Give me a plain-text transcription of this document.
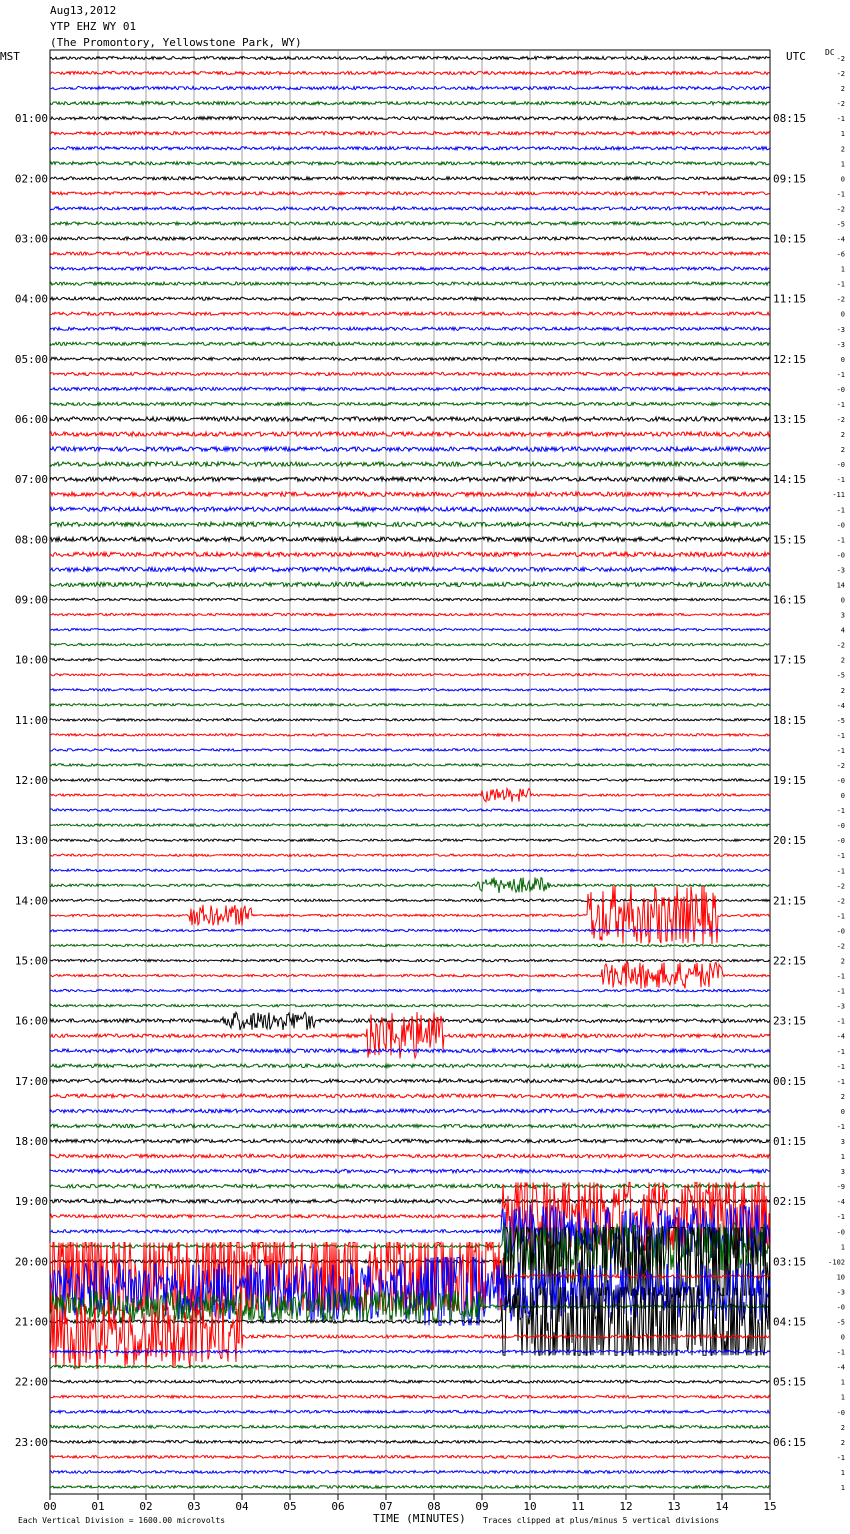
Aug13,2012
YTP EHZ WY 01
(The Promontory, Yellowstone Park, WY)
MST	UTC DC
00	01	02	03	04	05	06	07	08	09	10	11	12	13	14	15
01:00
02:00
03:00
04:00
05:00
06:00
07:00
08:00
09:00
10:00
11:00
12:00
13:00
14:00
15:00
16:00
17:00
18:00
19:00
20:00
21:00
22:00
23:00
08:15
09:15
10:15
11:15
12:15
13:15
14:15
15:15
16:15
17:15
18:15
19:15
20:15
21:15
22:15
23:15
00:15
01:15
02:15
03:15
04:15
05:15
06:15
-2
-2
2
-2
-1
1
2
1
0
-1
-2
-5
-4
-6
1
-1
-2
0
-3
-3
0
-1
-0
-1
-2
2
2
-0
-1
-11
-1
-0
-1
-0
-3
14
0
3
4
-2
2
-5
2
-4
-5
-1
-1
-2
-0
0
-1
-0
-0
-1
-1
-2
-2
-1
-0
-2
2
-1
-1
-3
-1
-4
-1
-1
-1
2
0
-1
3
1
3
-9
-4
-1
-0
1
-102
10
-3
-0
-5
0
-1
-4
1
1
-0
2
2
-1
1
1
Each Vertical Division = 1600.00 microvolts	TIME (MINUTES) Traces clipped at plus/minus 5 vertical divisions
